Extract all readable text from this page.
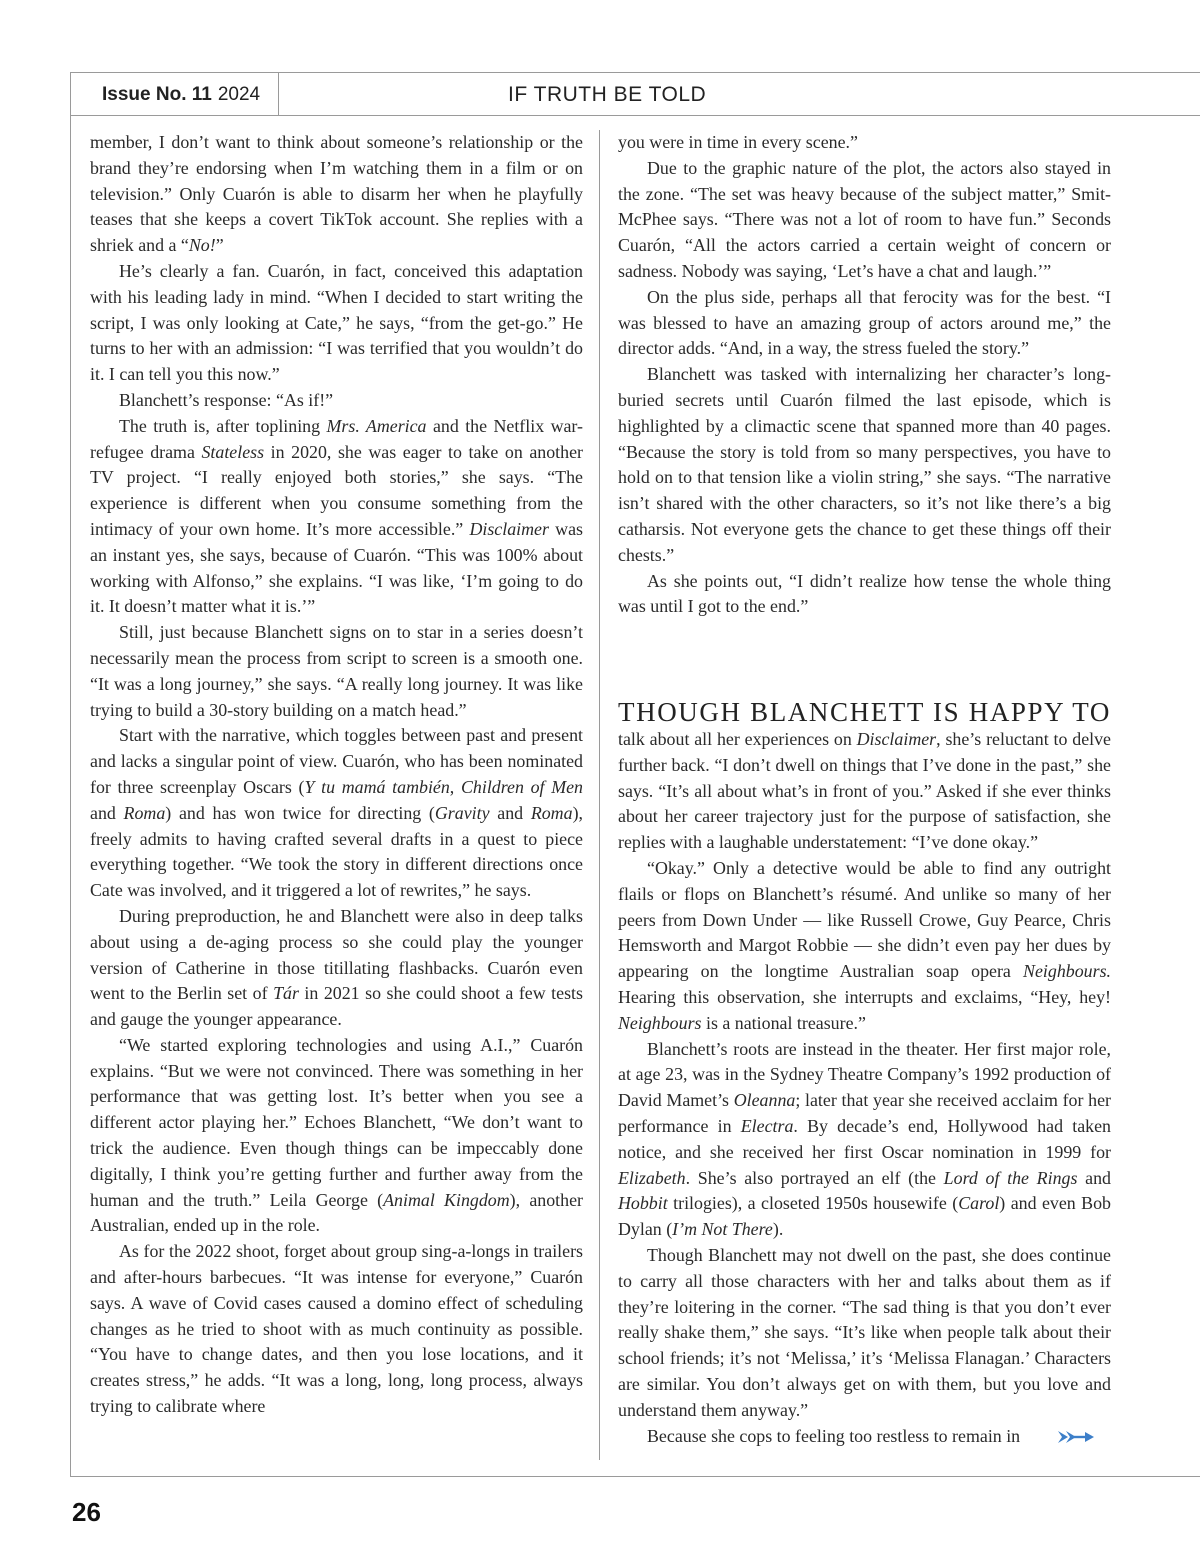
Issue No. 11 2024	IF TRUTH BE TOLD

member, I don’t want to think about someone’s relationship or the brand they’re endorsing when I’m watching them in a film or on television.” Only Cuarón is able to disarm her when he playfully teases that she keeps a covert TikTok account. She replies with a shriek and a “No!”

He’s clearly a fan. Cuarón, in fact, conceived this adaptation with his leading lady in mind. “When I decided to start writing the script, I was only looking at Cate,” he says, “from the get-go.” He turns to her with an admission: “I was terrified that you wouldn’t do it. I can tell you this now.”

Blanchett’s response: “As if!”

The truth is, after toplining Mrs. America and the Netflix war-refugee drama Stateless in 2020, she was eager to take on another TV project. “I really enjoyed both stories,” she says. “The experience is different when you consume something from the intimacy of your own home. It’s more accessible.” Disclaimer was an instant yes, she says, because of Cuarón. “This was 100% about working with Alfonso,” she explains. “I was like, ‘I’m going to do it. It doesn’t matter what it is.’”

Still, just because Blanchett signs on to star in a series doesn’t necessarily mean the process from script to screen is a smooth one. “It was a long journey,” she says. “A really long journey. It was like trying to build a 30-story building on a match head.”

Start with the narrative, which toggles between past and present and lacks a singular point of view. Cuarón, who has been nominated for three screenplay Oscars (Y tu mamá también, Children of Men and Roma) and has won twice for directing (Gravity and Roma), freely admits to having crafted several drafts in a quest to piece everything together. “We took the story in different directions once Cate was involved, and it triggered a lot of rewrites,” he says.

During preproduction, he and Blanchett were also in deep talks about using a de-aging process so she could play the younger version of Catherine in those titillating flashbacks. Cuarón even went to the Berlin set of Tár in 2021 so she could shoot a few tests and gauge the younger appearance.

“We started exploring technologies and using A.I.,” Cuarón explains. “But we were not convinced. There was something in her performance that was getting lost. It’s better when you see a different actor playing her.” Echoes Blanchett, “We don’t want to trick the audience. Even though things can be impeccably done digitally, I think you’re getting further and further away from the human and the truth.” Leila George (Animal Kingdom), another Australian, ended up in the role.

As for the 2022 shoot, forget about group sing-a-longs in trailers and after-hours barbecues. “It was intense for everyone,” Cuarón says. A wave of Covid cases caused a domino effect of scheduling changes as he tried to shoot with as much continuity as possible. “You have to change dates, and then you lose locations, and it creates stress,” he adds. “It was a long, long, long process, always trying to calibrate where

you were in time in every scene.”

Due to the graphic nature of the plot, the actors also stayed in the zone. “The set was heavy because of the subject matter,” Smit-McPhee says. “There was not a lot of room to have fun.” Seconds Cuarón, “All the actors carried a certain weight of concern or sadness. Nobody was saying, ‘Let’s have a chat and laugh.’”

On the plus side, perhaps all that ferocity was for the best. “I was blessed to have an amazing group of actors around me,” the director adds. “And, in a way, the stress fueled the story.”

Blanchett was tasked with internalizing her character’s long-buried secrets until Cuarón filmed the last episode, which is highlighted by a climactic scene that spanned more than 40 pages. “Because the story is told from so many perspectives, you have to hold on to that tension like a violin string,” she says. “The narrative isn’t shared with the other characters, so it’s not like there’s a big catharsis. Not everyone gets the chance to get these things off their chests.”

As she points out, “I didn’t realize how tense the whole thing was until I got to the end.”

THOUGH BLANCHETT IS HAPPY TO

talk about all her experiences on Disclaimer, she’s reluctant to delve further back. “I don’t dwell on things that I’ve done in the past,” she says. “It’s all about what’s in front of you.” Asked if she ever thinks about her career trajectory just for the purpose of satisfaction, she replies with a laughable understatement: “I’ve done okay.”

“Okay.” Only a detective would be able to find any outright flails or flops on Blanchett’s résumé. And unlike so many of her peers from Down Under — like Russell Crowe, Guy Pearce, Chris Hemsworth and Margot Robbie — she didn’t even pay her dues by appearing on the longtime Australian soap opera Neighbours. Hearing this observation, she interrupts and exclaims, “Hey, hey! Neighbours is a national treasure.”

Blanchett’s roots are instead in the theater. Her first major role, at age 23, was in the Sydney Theatre Company’s 1992 production of David Mamet’s Oleanna; later that year she received acclaim for her performance in Electra. By decade’s end, Hollywood had taken notice, and she received her first Oscar nomination in 1999 for Elizabeth. She’s also portrayed an elf (the Lord of the Rings and Hobbit trilogies), a closeted 1950s housewife (Carol) and even Bob Dylan (I’m Not There).

Though Blanchett may not dwell on the past, she does continue to carry all those characters with her and talks about them as if they’re loitering in the corner. “The sad thing is that you don’t ever really shake them,” she says. “It’s like when people talk about their school friends; it’s not ‘Melissa,’ it’s ‘Melissa Flanagan.’ Characters are similar. You don’t always get on with them, but you love and understand them anyway.”

Because she cops to feeling too restless to remain in

26
